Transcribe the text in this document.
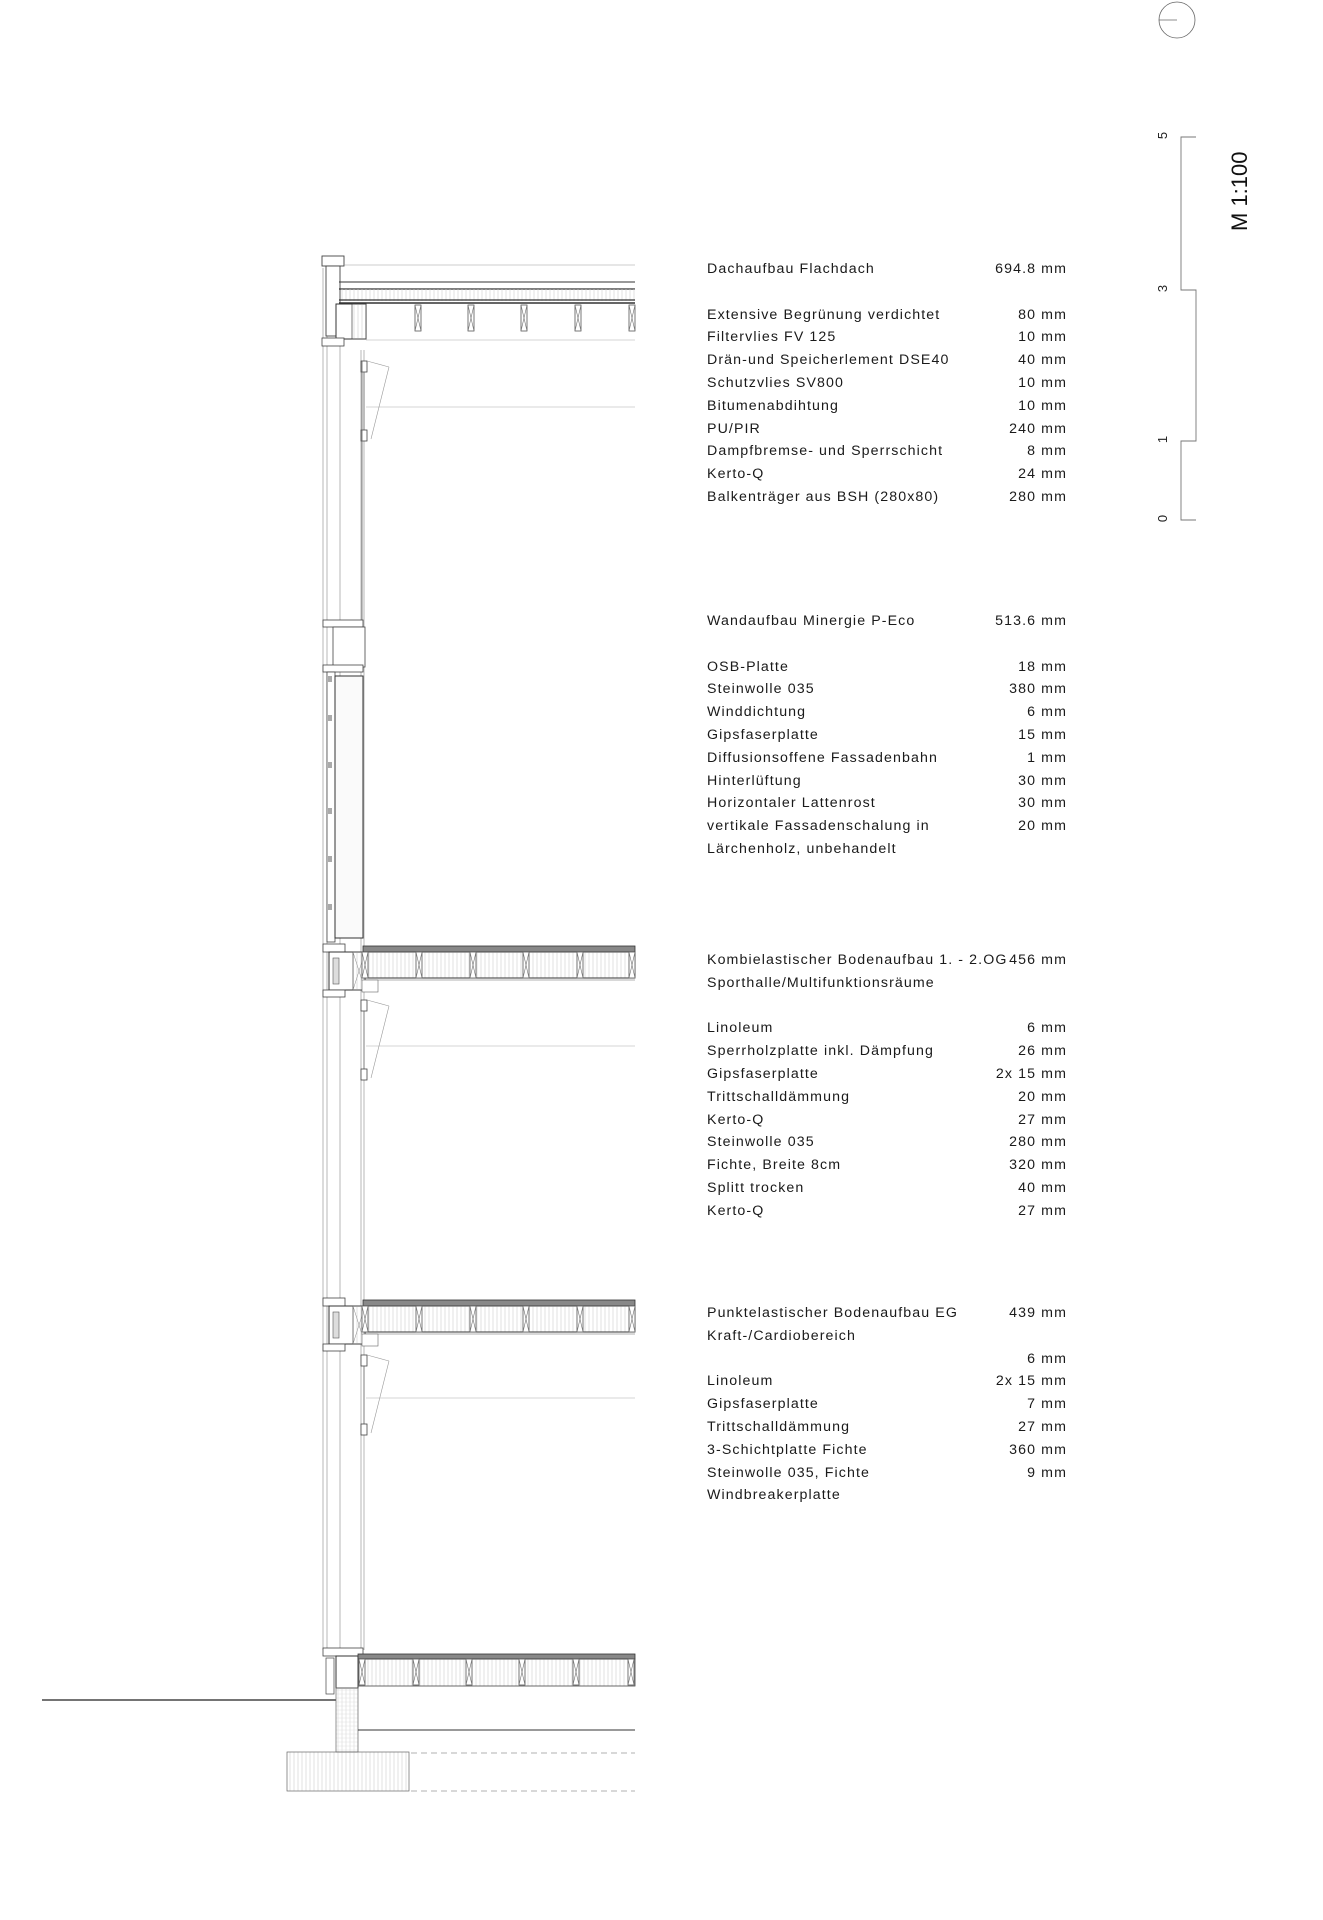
5
3
1
0
M 1:100
Dachaufbau Flachdach	694.8 mm
Extensive Begrünung verdichtet	80 mm
Filtervlies FV 125	10 mm
Drän-und Speicherlement DSE40	40 mm
Schutzvlies SV800	10 mm
Bitumenabdihtung	10 mm
PU/PIR	240 mm
Dampfbremse- und Sperrschicht	8 mm
Kerto-Q	24 mm
Balkenträger aus BSH (280x80)	280 mm
Wandaufbau Minergie P-Eco	513.6 mm
OSB-Platte	18 mm
Steinwolle 035	380 mm
Winddichtung	6 mm
Gipsfaserplatte	15 mm
Diffusionsoffene Fassadenbahn	1 mm
Hinterlüftung	30 mm
Horizontaler Lattenrost	30 mm
vertikale Fassadenschalung in	20 mm
Lärchenholz, unbehandelt
Kombielastischer Bodenaufbau 1. - 2.OG 456 mm
Sporthalle/Multifunktionsräume
Linoleum	6 mm
Sperrholzplatte inkl. Dämpfung	26 mm
Gipsfaserplatte	2x 15 mm
Trittschalldämmung	20 mm
Kerto-Q	27 mm
Steinwolle 035	280 mm
Fichte, Breite 8cm	320 mm
Splitt trocken	40 mm
Kerto-Q	27 mm
Punktelastischer Bodenaufbau EG	439 mm
Kraft-/Cardiobereich
6 mm
Linoleum	2x 15 mm
Gipsfaserplatte	7 mm
Trittschalldämmung	27 mm
3-Schichtplatte Fichte	360 mm
Steinwolle 035, Fichte	9 mm
Windbreakerplatte
